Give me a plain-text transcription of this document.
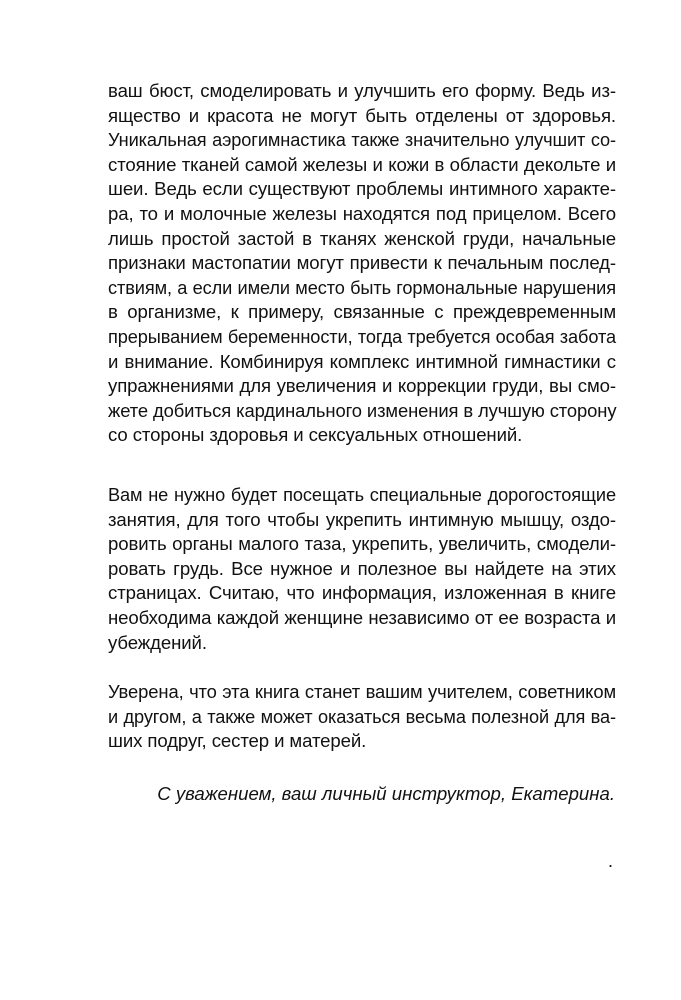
ваш бюст, смоделировать и улучшить его форму. Ведь из-
ящество и красота не могут быть отделены от здоровья.
Уникальная аэрогимнастика также значительно улучшит со-
стояние тканей самой железы и кожи в области декольте и
шеи. Ведь если существуют проблемы интимного характе-
ра, то и молочные железы находятся под прицелом. Всего
лишь простой застой в тканях женской груди, начальные
признаки мастопатии могут привести к печальным послед-
ствиям, а если имели место быть гормональные нарушения
в организме, к примеру, связанные с преждевременным
прерыванием беременности, тогда требуется особая забота
и внимание. Комбинируя комплекс интимной гимнастики с
упражнениями для увеличения и коррекции груди, вы смо-
жете добиться кардинального изменения в лучшую сторону
со стороны здоровья и сексуальных отношений.
Вам не нужно будет посещать специальные дорогостоящие
занятия, для того чтобы укрепить интимную мышцу, оздо-
ровить органы малого таза, укрепить, увеличить, смодели-
ровать грудь. Все нужное и полезное вы найдете на этих
страницах. Считаю, что информация, изложенная в книге
необходима каждой женщине независимо от ее возраста и
убеждений.
Уверена, что эта книга станет вашим учителем, советником
и другом, а также может оказаться весьма полезной для ва-
ших подруг, сестер и матерей.
С уважением, ваш личный инструктор, Екатерина.
.
